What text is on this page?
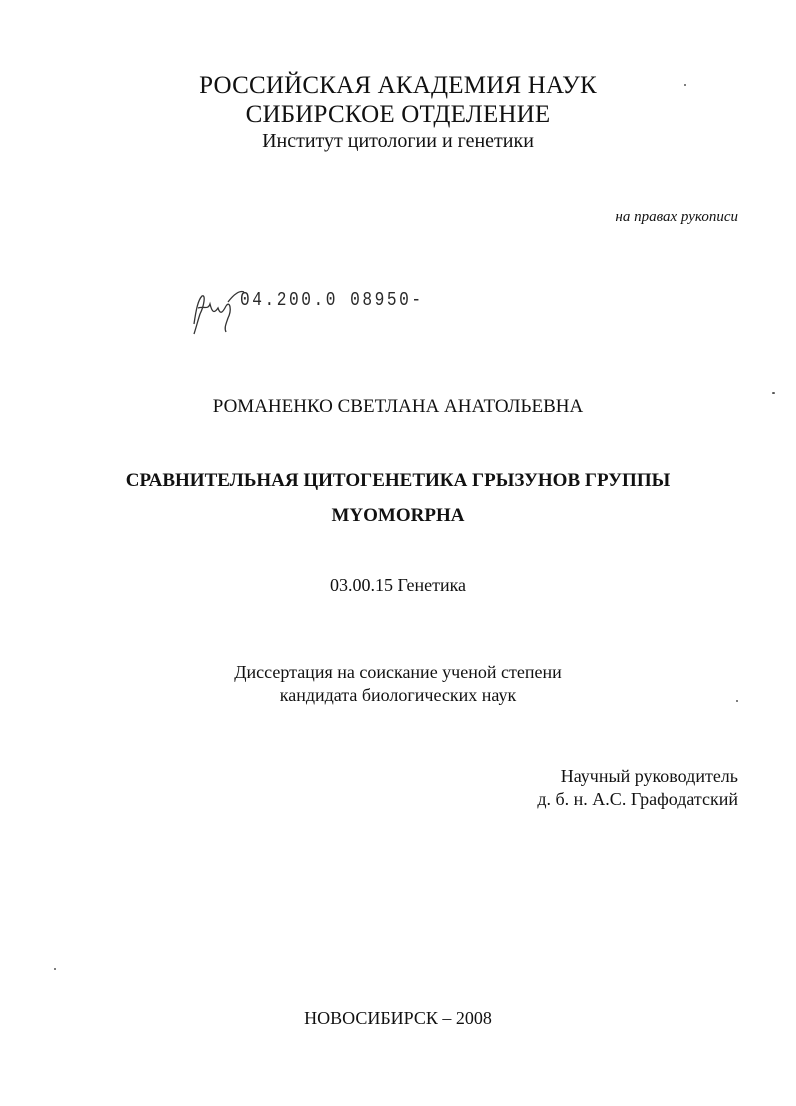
РОССИЙСКАЯ АКАДЕМИЯ НАУК
СИБИРСКОЕ ОТДЕЛЕНИЕ
Институт цитологии и генетики
на правах рукописи
04.200.0 08950-
РОМАНЕНКО СВЕТЛАНА АНАТОЛЬЕВНА
СРАВНИТЕЛЬНАЯ ЦИТОГЕНЕТИКА ГРЫЗУНОВ ГРУППЫ
MYOMORPHA
03.00.15 Генетика
Диссертация на соискание ученой степени
кандидата биологических наук
Научный руководитель
д. б. н. А.С. Графодатский
НОВОСИБИРСК – 2008
